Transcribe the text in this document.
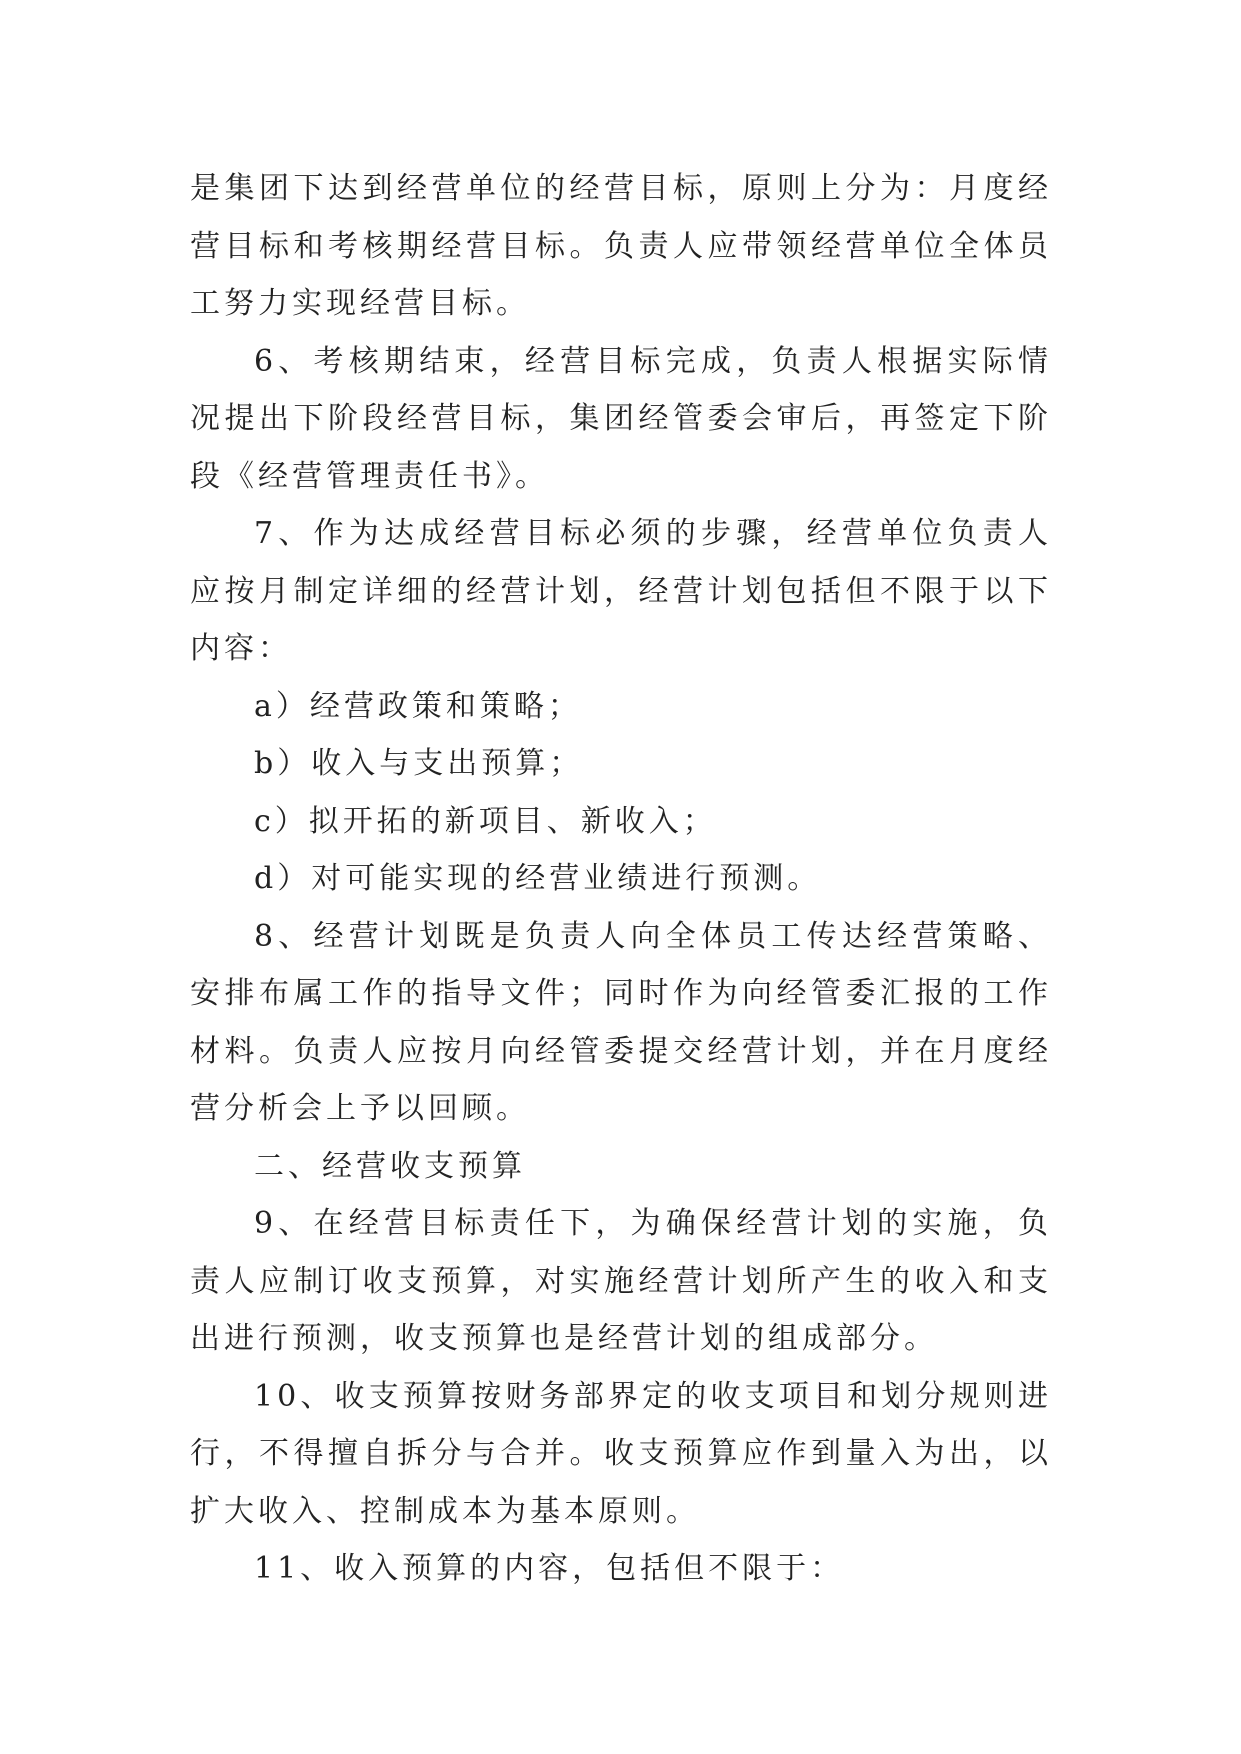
是集团下达到经营单位的经营目标，原则上分为：月度经营目标和考核期经营目标。负责人应带领经营单位全体员工努力实现经营目标。

6、考核期结束，经营目标完成，负责人根据实际情况提出下阶段经营目标，集团经管委会审后，再签定下阶段《经营管理责任书》。

7、作为达成经营目标必须的步骤，经营单位负责人应按月制定详细的经营计划，经营计划包括但不限于以下内容：

a）经营政策和策略；

b）收入与支出预算；

c）拟开拓的新项目、新收入；

d）对可能实现的经营业绩进行预测。

8、经营计划既是负责人向全体员工传达经营策略、安排布属工作的指导文件；同时作为向经管委汇报的工作材料。负责人应按月向经管委提交经营计划，并在月度经营分析会上予以回顾。

二、经营收支预算

9、在经营目标责任下，为确保经营计划的实施，负责人应制订收支预算，对实施经营计划所产生的收入和支出进行预测，收支预算也是经营计划的组成部分。

10、收支预算按财务部界定的收支项目和划分规则进行，不得擅自拆分与合并。收支预算应作到量入为出，以扩大收入、控制成本为基本原则。

11、收入预算的内容，包括但不限于：
